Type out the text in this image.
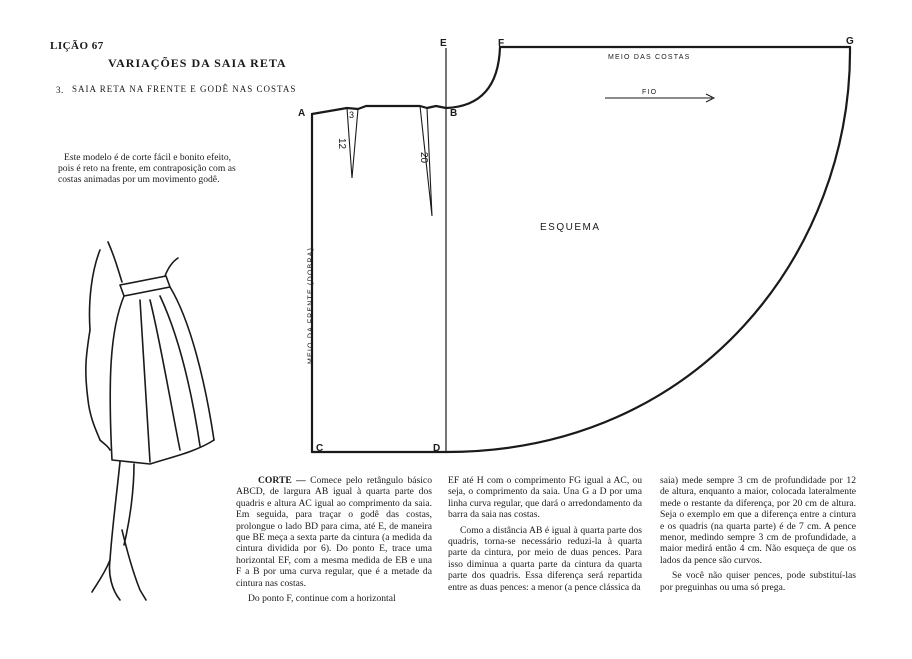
LIÇÃO 67
VARIAÇÕES DA SAIA RETA
3. SAIA RETA NA FRENTE E GODÊ NAS COSTAS
Este modelo é de corte fácil e bonito efeito, pois é reto na frente, em contraposição com as costas animadas por um movimento godê.
A	B
C	D
E	F	G
MEIO DAS COSTAS
FIO
ESQUEMA
MEIO DA FRENTE (DOBRA)
3
12
20

CORTE — Comece pelo retângulo básico ABCD, de largura AB igual à quarta parte dos quadris e altura AC igual ao comprimento da saia. Em seguida, para traçar o godê das costas, prolongue o lado BD para cima, até E, de maneira que BE meça a sexta parte da cintura (a medida da cintura dividida por 6). Do ponto E, trace uma horizontal EF, com a mesma medida de EB e una F a B por uma curva regular, que é a metade da cintura nas costas.

Do ponto F, continue com a horizontal

EF até H com o comprimento FG igual a AC, ou seja, o comprimento da saia. Una G a D por uma linha curva regular, que dará o arredondamento da barra da saia nas costas.

Como a distância AB é igual à quarta parte dos quadris, torna-se necessário reduzi-la à quarta parte da cintura, por meio de duas pences. Para isso diminua a quarta parte da cintura da quarta parte dos quadris. Essa diferença será repartida entre as duas pences: a menor (a pence clássica da

saia) mede sempre 3 cm de profundidade por 12 de altura, enquanto a maior, colocada lateralmente mede o restante da diferença, por 20 cm de altura. Seja o exemplo em que a diferença entre a cintura e os quadris (na quarta parte) é de 7 cm. A pence menor, medindo sempre 3 cm de profundidade, a maior medirá então 4 cm. Não esqueça de que os lados da pence são curvos.

Se você não quiser pences, pode substituí-las por preguinhas ou uma só prega.
